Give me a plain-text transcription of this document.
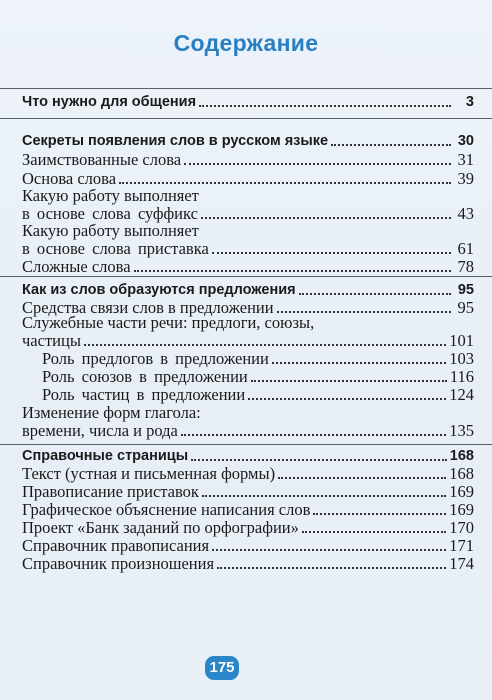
Содержание
Что нужно для общения	3
Секреты появления слов в русском языке	30
Заимствованные слова	31
Основа слова	39
Какую работу выполняет
в основе слова суффикс	43
Какую работу выполняет
в основе слова приставка	61
Сложные слова	78
Как из слов образуются предложения	95
Средства связи слов в предложении	95
Служебные части речи: предлоги, союзы,
частицы	101
Роль предлогов в предложении	103
Роль союзов в предложении	116
Роль частиц в предложении	124
Изменение форм глагола:
времени, числа и рода	135
Справочные страницы	168
Текст (устная и письменная формы)	168
Правописание приставок	169
Графическое объяснение написания слов	169
Проект «Банк заданий по орфографии»	170
Справочник правописания	171
Справочник произношения	174
175
